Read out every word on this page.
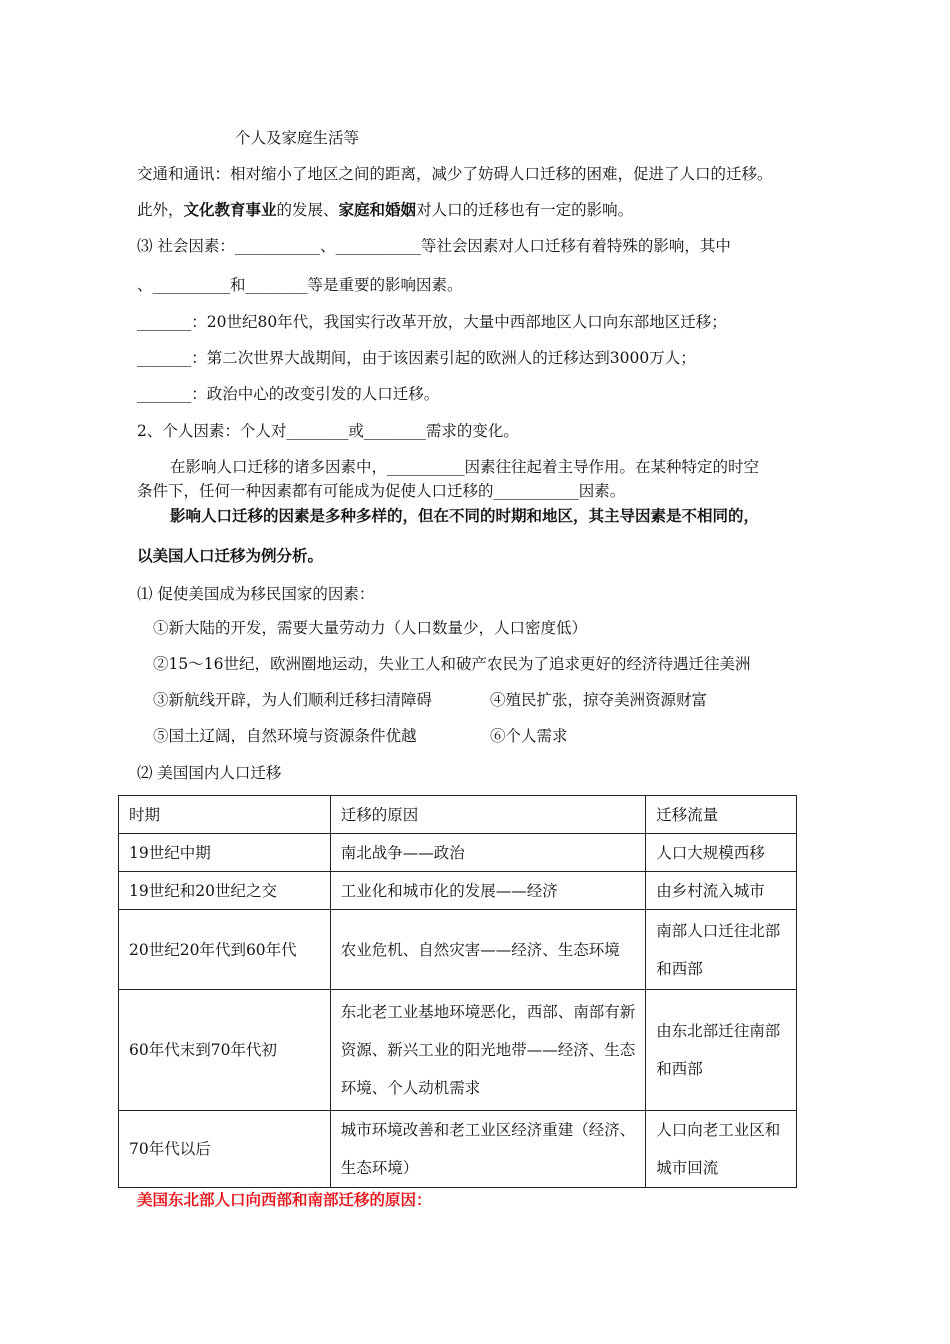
个人及家庭生活等
交通和通讯：相对缩小了地区之间的距离，减少了妨碍人口迁移的困难，促进了人口的迁移。
此外，文化教育事业的发展、家庭和婚姻对人口的迁移也有一定的影响。
⑶ 社会因素：___________、___________等社会因素对人口迁移有着特殊的影响，其中
、__________和________等是重要的影响因素。
_______：20世纪80年代，我国实行改革开放，大量中西部地区人口向东部地区迁移；
_______：第二次世界大战期间，由于该因素引起的欧洲人的迁移达到3000万人；
_______：政治中心的改变引发的人口迁移。
2、个人因素：个人对________或________需求的变化。
在影响人口迁移的诸多因素中，__________因素往往起着主导作用。在某种特定的时空
条件下，任何一种因素都有可能成为促使人口迁移的___________因素。
影响人口迁移的因素是多种多样的，但在不同的时期和地区，其主导因素是不相同的，
以美国人口迁移为例分析。
⑴ 促使美国成为移民国家的因素：
①新大陆的开发，需要大量劳动力（人口数量少，人口密度低）
②15～16世纪，欧洲圈地运动，失业工人和破产农民为了追求更好的经济待遇迁往美洲
③新航线开辟，为人们顺利迁移扫清障碍	④殖民扩张，掠夺美洲资源财富
⑤国土辽阔，自然环境与资源条件优越	⑥个人需求
⑵ 美国国内人口迁移
时期	迁移的原因	迁移流量
19世纪中期	南北战争——政治	人口大规模西移
19世纪和20世纪之交	工业化和城市化的发展——经济	由乡村流入城市
20世纪20年代到60年代	农业危机、自然灾害——经济、生态环境	南部人口迁往北部和西部
60年代末到70年代初	东北老工业基地环境恶化，西部、南部有新资源、新兴工业的阳光地带——经济、生态环境、个人动机需求	由东北部迁往南部和西部
70年代以后	城市环境改善和老工业区经济重建（经济、生态环境）	人口向老工业区和城市回流
美国东北部人口向西部和南部迁移的原因：
